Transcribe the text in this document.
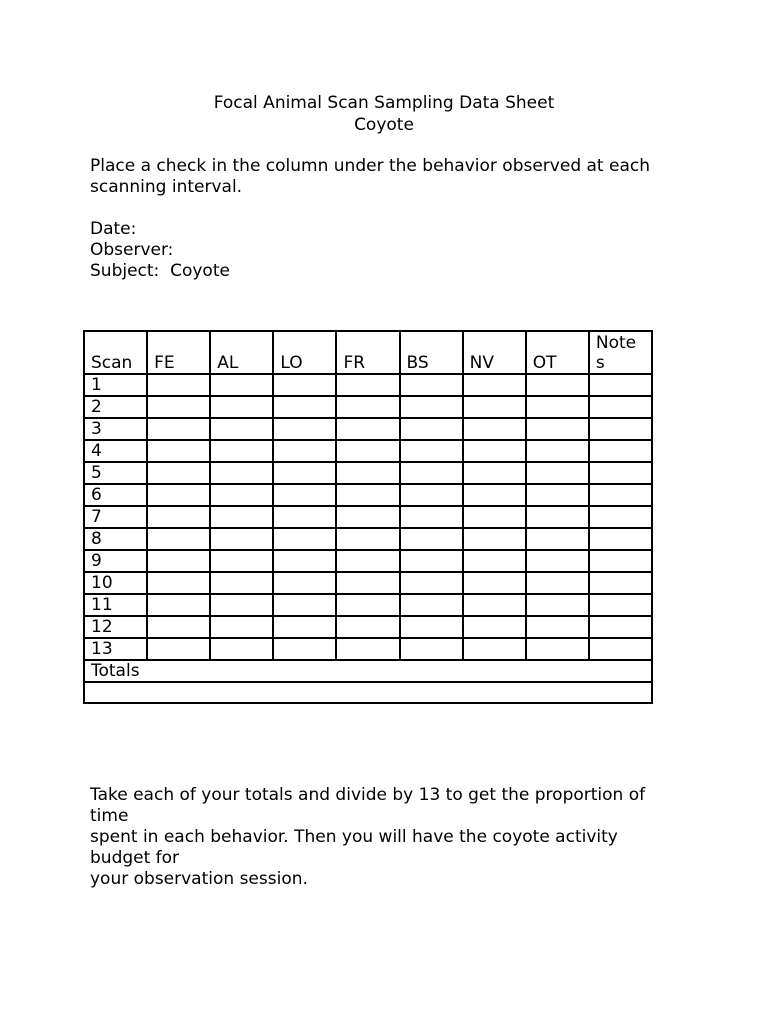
Focal Animal Scan Sampling Data Sheet
Coyote

Place a check in the column under the behavior observed at each
scanning interval.

Date:
Observer:
Subject:  Coyote
Scan	FE	AL	LO	FR	BS	NV	OT	Note
s

1								
2								
3								
4								
5								
6								
7								
8								
9								
10								
11								
12								
13								
Totals								

Take each of your totals and divide by 13 to get the proportion of
time
spent in each behavior. Then you will have the coyote activity
budget for
your observation session.
